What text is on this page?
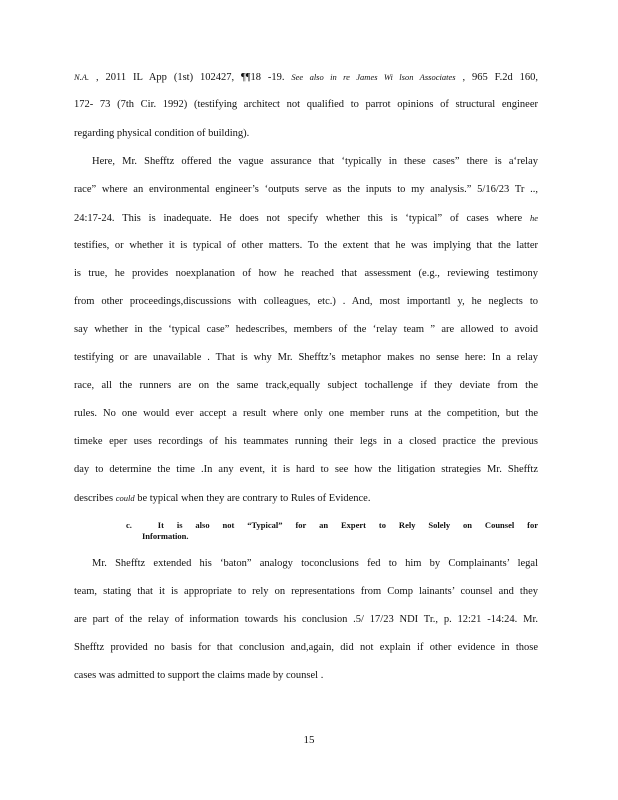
N.A. , 2011 IL App (1st) 102427, ¶¶18 -19. See also in re James Wi lson Associates , 965 F.2d 160,
172- 73 (7th Cir. 1992) (testifying architect not qualified to parrot opinions of structural engineer
regarding physical condition of building).
Here, Mr. Shefftz offered the vague assurance that ‘typically in these cases” there is a‘relay
race” where an environmental engineer’s ‘outputs serve as the inputs to my analysis.” 5/16/23 Tr ..,
24:17-24. This is inadequate. He does not specify whether this is ‘typical” of cases where he
testifies, or whether it is typical of other matters. To the extent that he was implying that the latter
is true, he provides noexplanation of how he reached that assessment (e.g., reviewing testimony
from other proceedings,discussions with colleagues, etc.) . And, most importantl y, he neglects to
say whether in the ‘typical case” hedescribes, members of the ‘relay team ” are allowed to avoid
testifying or are unavailable . That is why Mr. Shefftz’s metaphor makes no sense here: In a relay
race, all the runners are on the same track,equally subject tochallenge if they deviate from the
rules. No one would ever accept a result where only one member runs at the competition, but the
timeke eper uses recordings of his teammates running their legs in a closed practice the previous
day to determine the time .In any event, it is hard to see how the litigation strategies Mr. Shefftz
describes could be typical when they are contrary to Rules of Evidence.
c.	It is also not “Typical” for an Expert to Rely Solely on Counsel for
Information.
Mr. Shefftz extended his ‘baton” analogy toconclusions fed to him by Complainants’ legal
team, stating that it is appropriate to rely on representations from Comp lainants’ counsel and they
are part of the relay of information towards his conclusion .5/ 17/23 NDI Tr., p. 12:21 -14:24. Mr.
Shefftz provided no basis for that conclusion and,again, did not explain if other evidence in those
cases was admitted to support the claims made by counsel .
15
